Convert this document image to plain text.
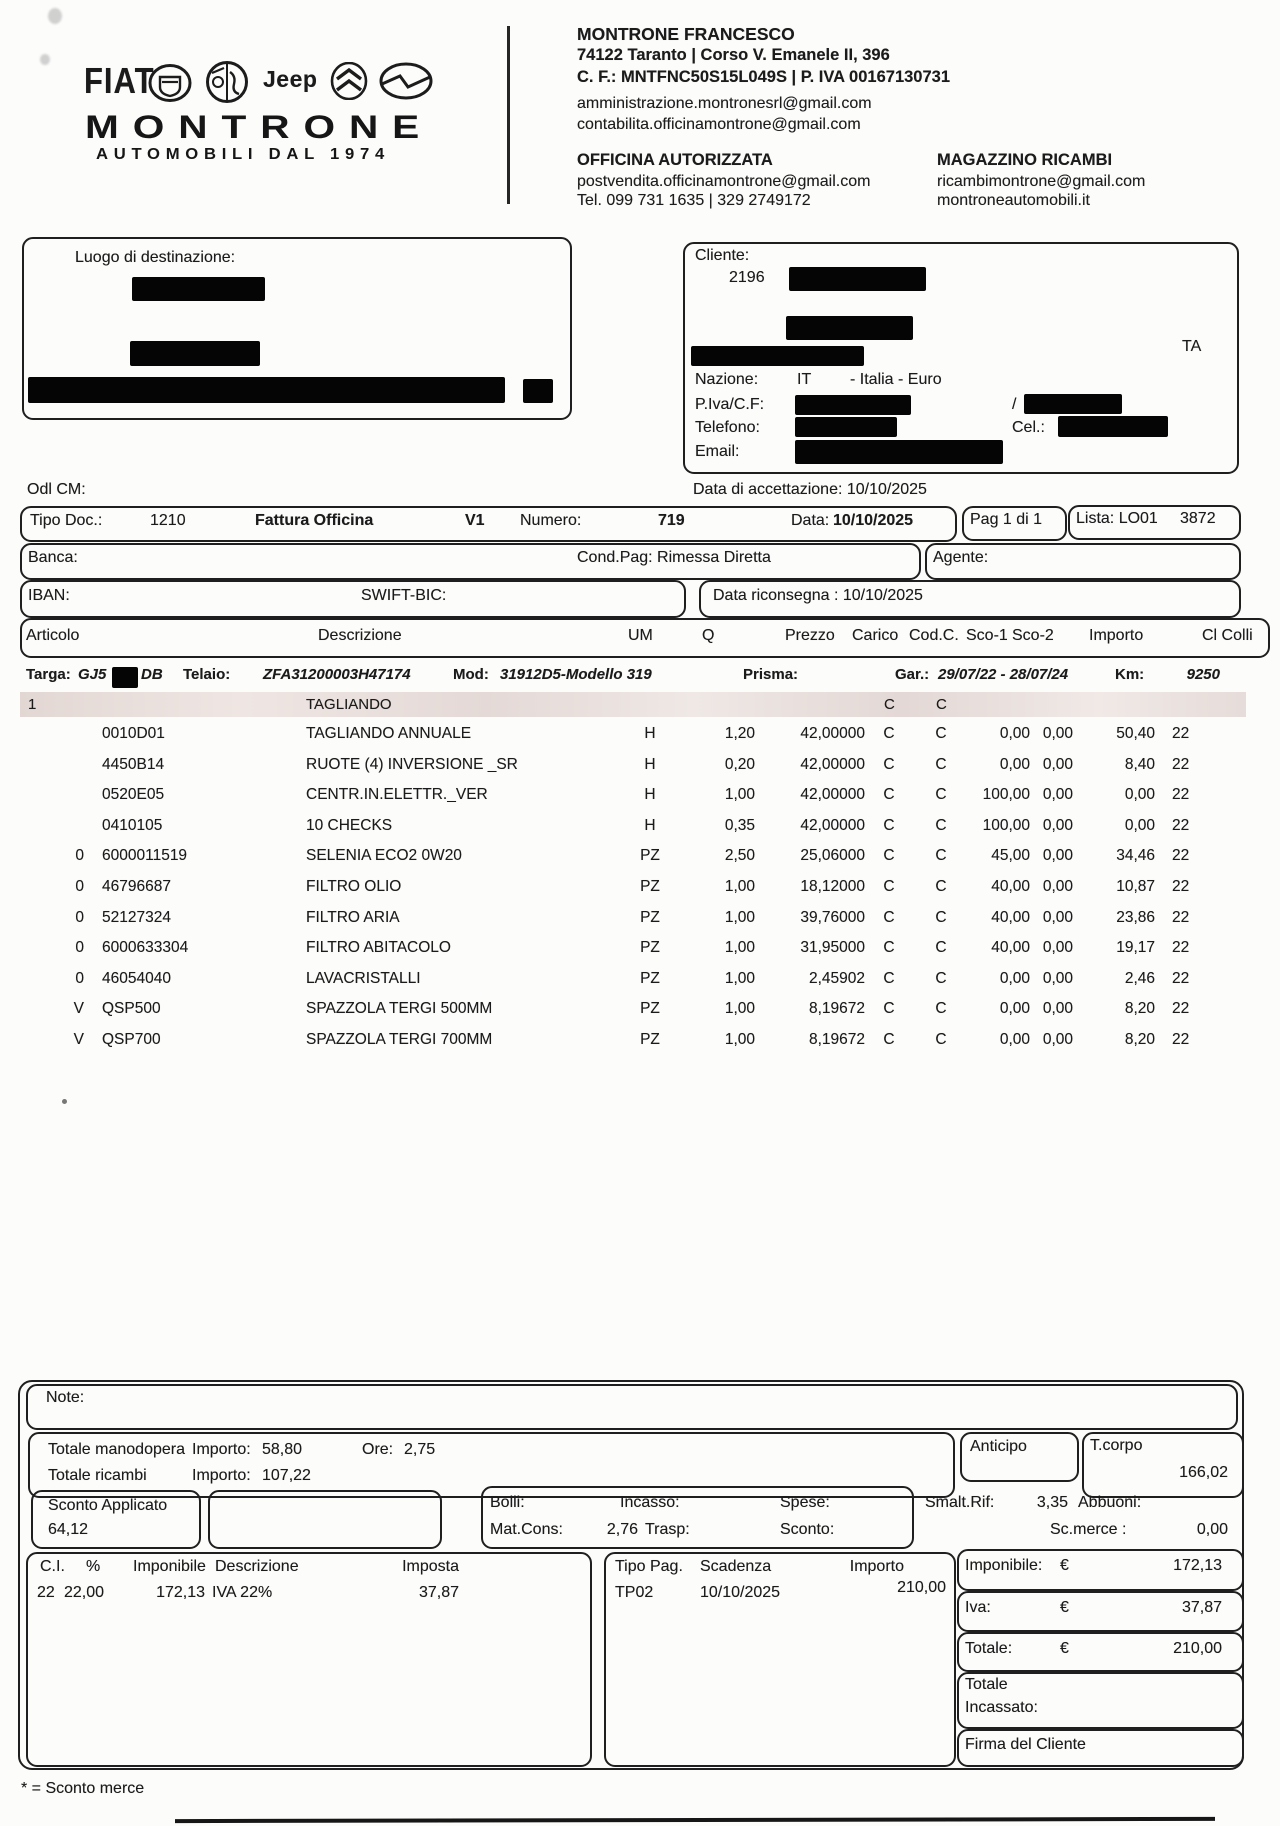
FIAT	Jeep
MONTRONE
AUTOMOBILI DAL 1974
MONTRONE FRANCESCO
74122 Taranto | Corso V. Emanele II, 396
C. F.: MNTFNC50S15L049S | P. IVA 00167130731
amministrazione.montronesrl@gmail.com
contabilita.officinamontrone@gmail.com
OFFICINA AUTORIZZATA
postvendita.officinamontrone@gmail.com
Tel. 099 731 1635 | 329 2749172
MAGAZZINO RICAMBI
ricambimontrone@gmail.com
montroneautomobili.it
Luogo di destinazione:	Cliente:
2196
TA
Nazione: IT - Italia - Euro
P.Iva/C.F:	/
Telefono:	Cel.:
Email:
Odl CM:	Data di accettazione: 10/10/2025
Tipo Doc.:	1210	Fattura Officina	V1 Numero:	719	Data: 10/10/2025	Pag 1 di 1 Lista: LO01 3872
Banca:	Cond.Pag: Rimessa Diretta	Agente:
IBAN:	SWIFT-BIC:	Data riconsegna : 10/10/2025
Articolo	Descrizione	UM	Q	Prezzo Carico Cod.C. Sco-1 Sco-2 Importo	Cl Colli
Targa: GJ5 DB Telaio: ZFA31200003H47174	Mod: 31912D5-Modello 319	Prisma:	Gar.: 29/07/22 - 28/07/24	Km:	9250
1	TAGLIANDO	C	C
0010D01	TAGLIANDO ANNUALE	H	1,20	42,00000	C	C	0,00 0,00	50,40 22
4450B14	RUOTE (4) INVERSIONE _SR	H	0,20	42,00000	C	C	0,00 0,00	8,40 22
0520E05	CENTR.IN.ELETTR._VER	H	1,00	42,00000	C	C	100,00 0,00	0,00 22
0410105	10 CHECKS	H	0,35	42,00000	C	C	100,00 0,00	0,00 22
0 6000011519	SELENIA ECO2 0W20	PZ	2,50	25,06000	C	C	45,00 0,00	34,46 22
0 46796687	FILTRO OLIO	PZ	1,00	18,12000	C	C	40,00 0,00	10,87 22
0 52127324	FILTRO ARIA	PZ	1,00	39,76000	C	C	40,00 0,00	23,86 22
0 6000633304	FILTRO ABITACOLO	PZ	1,00	31,95000	C	C	40,00 0,00	19,17 22
0 46054040	LAVACRISTALLI	PZ	1,00	2,45902	C	C	0,00 0,00	2,46 22
V QSP500	SPAZZOLA TERGI 500MM	PZ	1,00	8,19672	C	C	0,00 0,00	8,20 22
V QSP700	SPAZZOLA TERGI 700MM	PZ	1,00	8,19672	C	C	0,00 0,00	8,20 22
Note:
Totale manodopera Importo: 58,80	Ore: 2,75
Totale ricambi	Importo: 107,22
Anticipo	T.corpo
166,02
Sconto Applicato
64,12
Bolli:	Incasso:	Spese:
Mat.Cons:	2,76 Trasp:	Sconto:
Smalt.Rif:	3,35 Abbuoni:
Sc.merce :	0,00
C.I. % Imponibile Descrizione	Imposta
22 22,00	172,13 IVA 22%	37,87
Tipo Pag. Scadenza	Importo
TP02	10/10/2025	210,00
Imponibile: €	172,13
Iva:	€	37,87
Totale:	€	210,00
Totale
Incassato:
Firma del Cliente
* = Sconto merce
